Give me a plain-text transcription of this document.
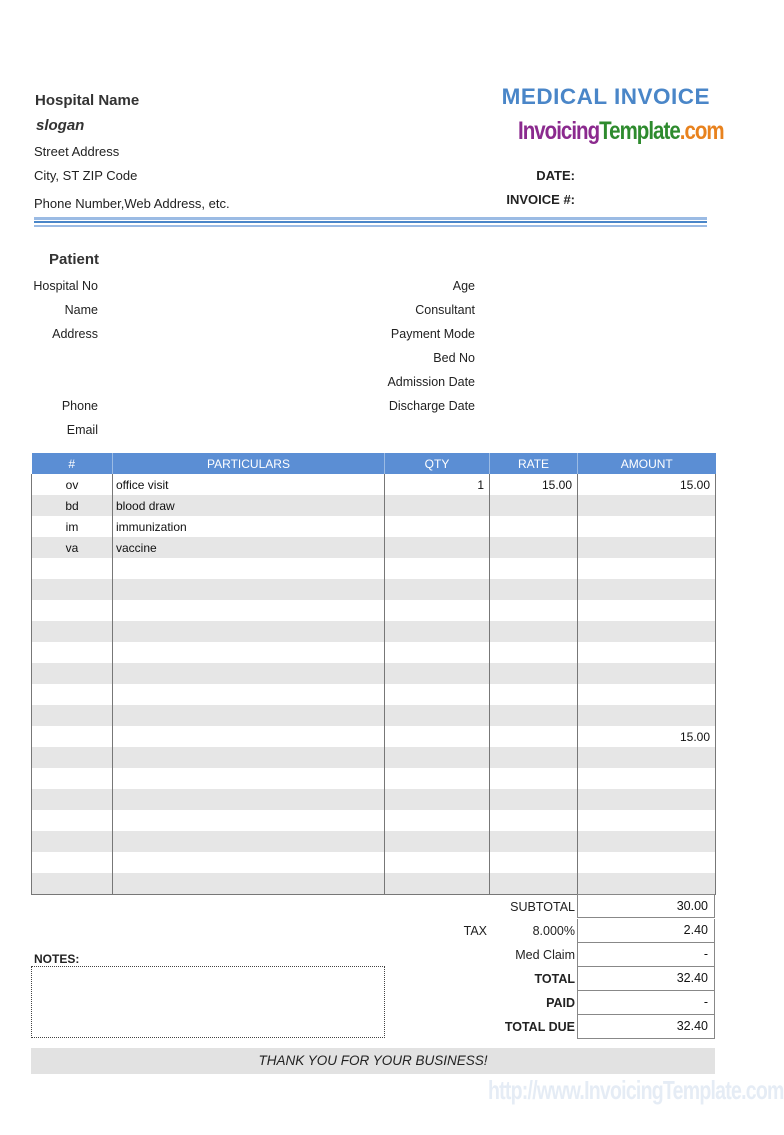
Hospital Name
slogan
Street Address
City, ST ZIP Code
Phone Number,Web Address, etc.
MEDICAL INVOICE
InvoicingTemplate.com
DATE:
INVOICE #:
Patient
Hospital No
Name
Address
Phone
Email
Age
Consultant
Payment Mode
Bed No
Admission Date
Discharge Date
#	PARTICULARS	QTY	RATE	AMOUNT
ov	office visit	1	15.00	15.00
bd	blood draw			
im	immunization			
va	vaccine			

				15.00

SUBTOTAL	30.00
TAX	8.000%	2.40
Med Claim	-
TOTAL	32.40
PAID	-
TOTAL DUE	32.40
NOTES:
THANK YOU FOR YOUR BUSINESS!
http://www.InvoicingTemplate.com
